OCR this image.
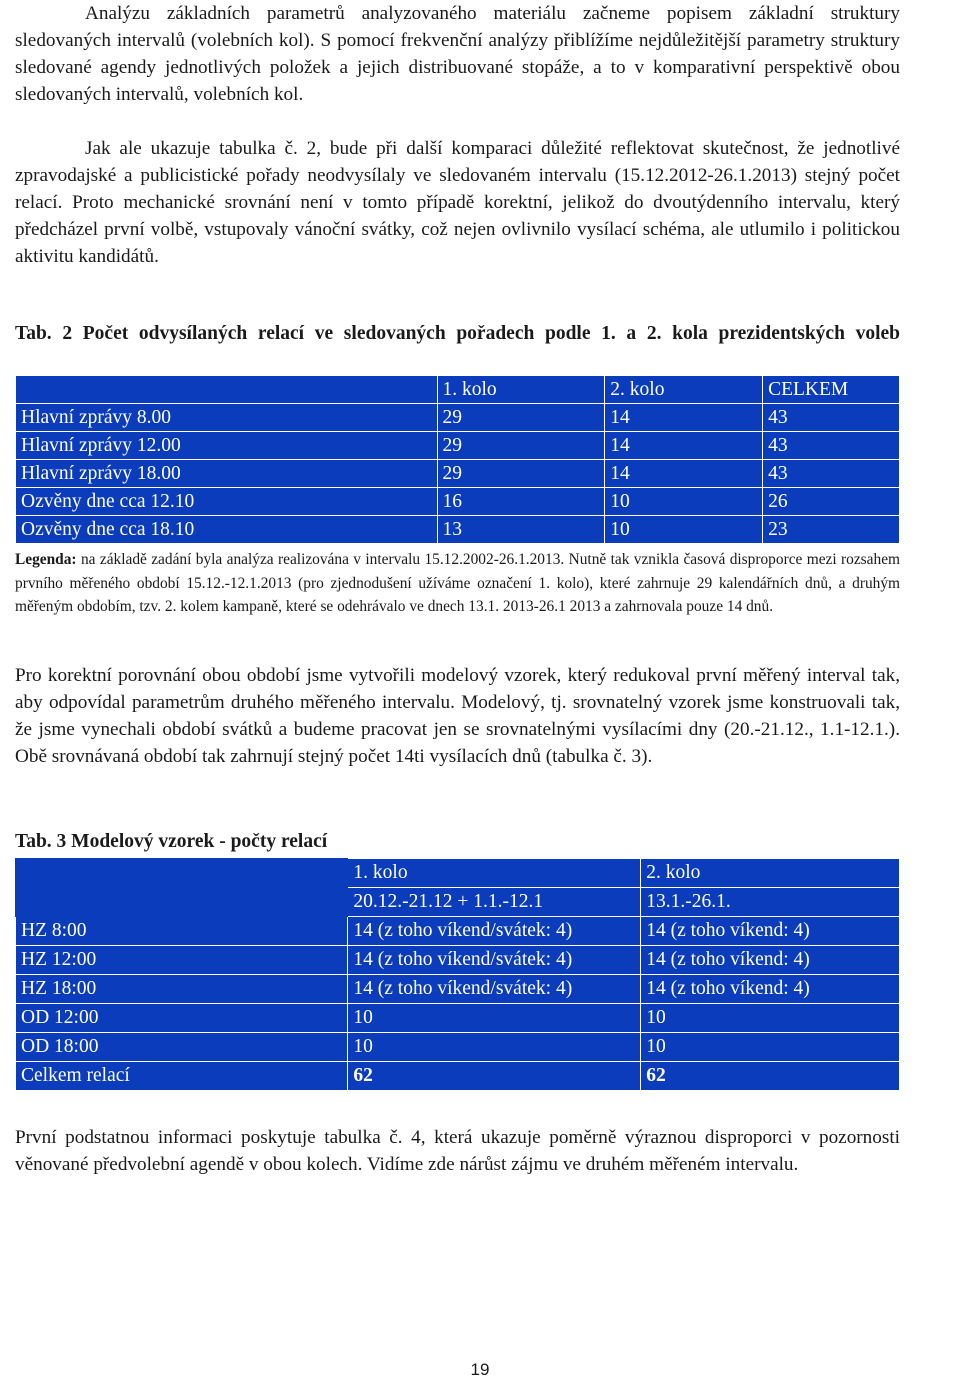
Analýzu základních parametrů analyzovaného materiálu začneme popisem základní struktury sledovaných intervalů (volebních kol). S pomocí frekvenční analýzy přiblížíme nejdůležitější parametry struktury sledované agendy jednotlivých položek a jejich distribuované stopáže, a to v komparativní perspektivě obou sledovaných intervalů, volebních kol.

Jak ale ukazuje tabulka č. 2, bude při další komparaci důležité reflektovat skutečnost, že jednotlivé zpravodajské a publicistické pořady neodvysílaly ve sledovaném intervalu (15.12.2012-26.1.2013) stejný počet relací. Proto mechanické srovnání není v tomto případě korektní, jelikož do dvoutýdenního intervalu, který předcházel první volbě, vstupovaly vánoční svátky, což nejen ovlivnilo vysílací schéma, ale utlumilo i politickou aktivitu kandidátů.

Tab. 2 Počet odvysílaných relací ve sledovaných pořadech podle 1. a 2. kola prezidentských voleb

Pro korektní porovnání obou období jsme vytvořili modelový vzorek, který redukoval první měřený interval tak, aby odpovídal parametrům druhého měřeného intervalu. Modelový, tj. srovnatelný vzorek jsme konstruovali tak, že jsme vynechali období svátků a budeme pracovat jen se srovnatelnými vysílacími dny (20.-21.12., 1.1-12.1.). Obě srovnávaná období tak zahrnují stejný počet 14ti vysílacích dnů (tabulka č. 3).

Tab. 3 Modelový vzorek - počty relací

První podstatnou informaci poskytuje tabulka č. 4, která ukazuje poměrně výraznou disproporci v pozornosti věnované předvolební agendě v obou kolech. Vidíme zde nárůst zájmu ve druhém měřeném intervalu.

	1. kolo	2. kolo	CELKEM
Hlavní zprávy 8.00	29	14	43
Hlavní zprávy 12.00	29	14	43
Hlavní zprávy 18.00	29	14	43
Ozvěny dne cca 12.10	16	10	26
Ozvěny dne cca 18.10	13	10	23

Legenda: na základě zadání byla analýza realizována v intervalu 15.12.2002-26.1.2013. Nutně tak vznikla časová disproporce mezi rozsahem prvního měřeného období 15.12.-12.1.2013 (pro zjednodušení užíváme označení 1. kolo), které zahrnuje 29 kalendářních dnů, a druhým měřeným obdobím, tzv. 2. kolem kampaně, které se odehrávalo ve dnech 13.1. 2013-26.1 2013 a zahrnovala pouze 14 dnů.

	1. kolo	2. kolo
	20.12.-21.12 + 1.1.-12.1	13.1.-26.1.
HZ 8:00	14 (z toho víkend/svátek: 4)	14 (z toho víkend: 4)
HZ 12:00	14 (z toho víkend/svátek: 4)	14 (z toho víkend: 4)
HZ 18:00	14 (z toho víkend/svátek: 4)	14 (z toho víkend: 4)
OD 12:00	10	10
OD 18:00	10	10
Celkem relací	62	62
19
